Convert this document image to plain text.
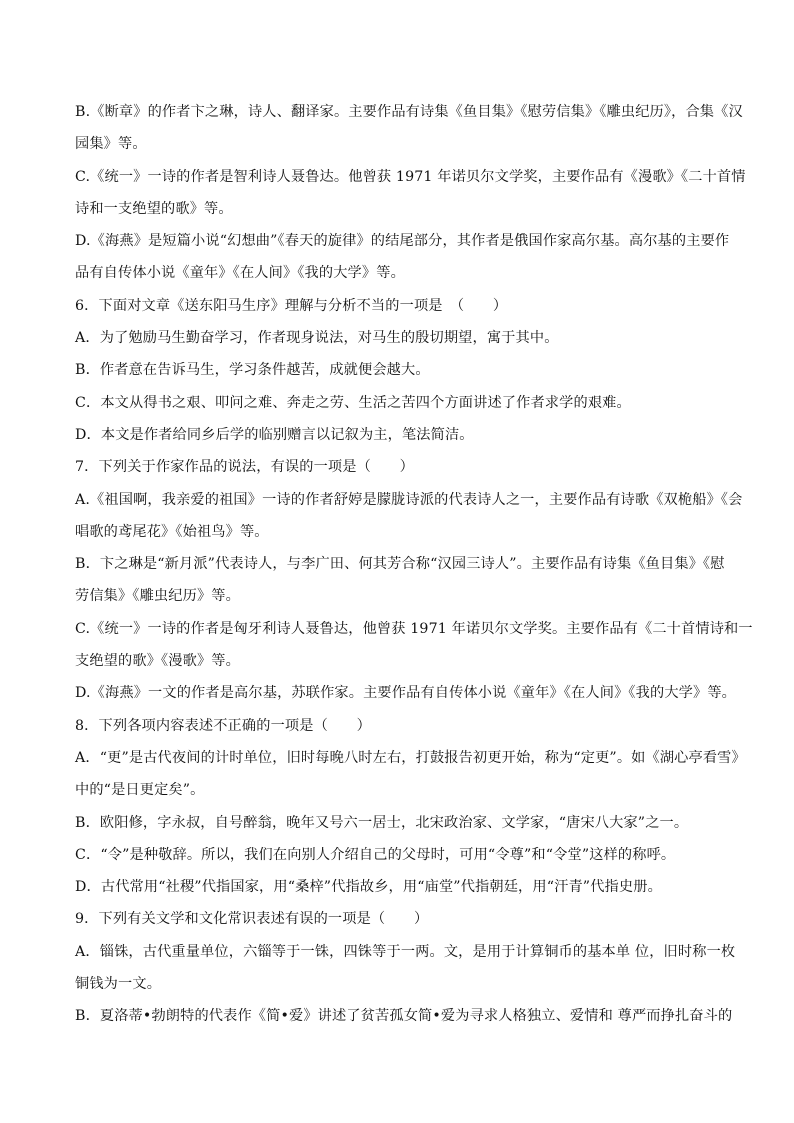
B.《断章》的作者卞之琳，诗人、翻译家。主要作品有诗集《鱼目集》《慰劳信集》《雕虫纪历》，合集《汉
园集》等。
C.《统一》一诗的作者是智利诗人聂鲁达。他曾获 1971 年诺贝尔文学奖，主要作品有《漫歌》《二十首情
诗和一支绝望的歌》等。
D.《海燕》是短篇小说“幻想曲”《春天的旋律》的结尾部分，其作者是俄国作家高尔基。高尔基的主要作
品有自传体小说《童年》《在人间》《我的大学》等。
6．下面对文章《送东阳马生序》理解与分析不当的一项是　（　　）
A．为了勉励马生勤奋学习，作者现身说法，对马生的殷切期望，寓于其中。
B．作者意在告诉马生，学习条件越苦，成就便会越大。
C．本文从得书之艰、叩问之难、奔走之劳、生活之苦四个方面讲述了作者求学的艰难。
D．本文是作者给同乡后学的临别赠言以记叙为主，笔法简洁。
7．下列关于作家作品的说法，有误的一项是（　　）
A.《祖国啊，我亲爱的祖国》一诗的作者舒婷是朦胧诗派的代表诗人之一，主要作品有诗歌《双桅船》《会
唱歌的鸢尾花》《始祖鸟》等。
B．卞之琳是“新月派”代表诗人，与李广田、何其芳合称“汉园三诗人”。主要作品有诗集《鱼目集》《慰
劳信集》《雕虫纪历》等。
C.《统一》一诗的作者是匈牙利诗人聂鲁达，他曾获 1971 年诺贝尔文学奖。主要作品有《二十首情诗和一
支绝望的歌》《漫歌》等。
D.《海燕》一文的作者是高尔基，苏联作家。主要作品有自传体小说《童年》《在人间》《我的大学》等。
8．下列各项内容表述不正确的一项是（　　）
A．“更”是古代夜间的计时单位，旧时每晚八时左右，打鼓报告初更开始，称为“定更”。如《湖心亭看雪》
中的“是日更定矣”。
B．欧阳修，字永叔，自号醉翁，晚年又号六一居士，北宋政治家、文学家，“唐宋八大家”之一。
C．“令”是种敬辞。所以，我们在向别人介绍自己的父母时，可用“令尊”和“令堂”这样的称呼。
D．古代常用“社稷”代指国家，用“桑梓”代指故乡，用“庙堂”代指朝廷，用“汗青”代指史册。
9．下列有关文学和文化常识表述有误的一项是（　　）
A．锱铢，古代重量单位，六锱等于一铢，四铢等于一两。文，是用于计算铜币的基本单 位，旧时称一枚
铜钱为一文。
B．夏洛蒂•勃朗特的代表作《简•爱》讲述了贫苦孤女简•爱为寻求人格独立、爱情和 尊严而挣扎奋斗的
